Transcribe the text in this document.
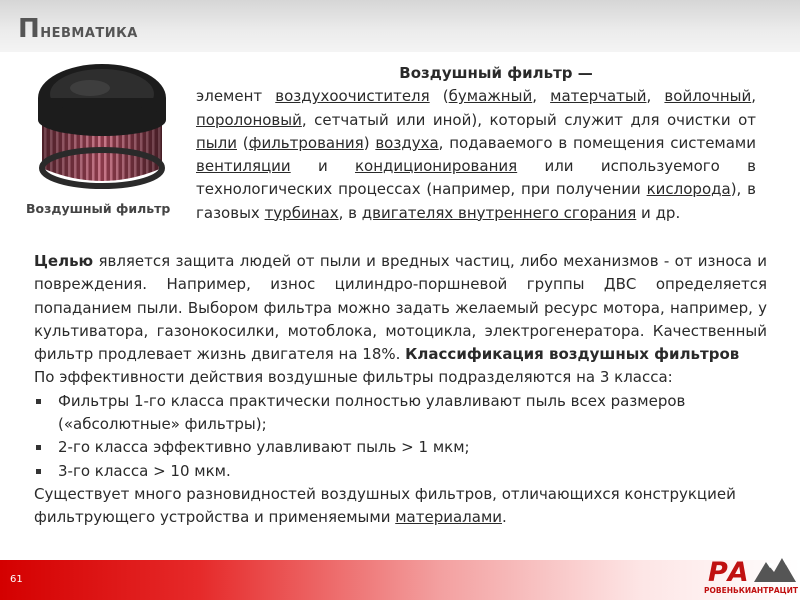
Пневматика
Воздушный фильтр
Воздушный фильтр —
элемент воздухоочистителя (бумажный, матерчатый, войлочный, поролоновый, сетчатый или иной), который служит для очистки от пыли (фильтрования) воздуха, подаваемого в помещения системами вентиляции и кондиционирования или используемого в технологических процессах (например, при получении кислорода), в газовых турбинах, в двигателях внутреннего сгорания и др.

Целью является защита людей от пыли и вредных частиц, либо механизмов - от износа и повреждения. Например, износ цилиндро-поршневой группы ДВС определяется попаданием пыли. Выбором фильтра можно задать желаемый ресурс мотора, например, у культиватора, газонокосилки, мотоблока, мотоцикла, электрогенератора. Качественный фильтр продлевает жизнь двигателя на 18%. Классификация воздушных фильтров

По эффективности действия воздушные фильтры подразделяются на 3 класса:

Фильтры 1-го класса практически полностью улавливают пыль всех размеров («абсолютные» фильтры);
2-го класса эффективно улавливают пыль > 1 мкм;
3-го класса > 10 мкм.

Существует много разновидностей воздушных фильтров, отличающихся конструкцией фильтрующего устройства и применяемыми материалами.

61	РА
РОВЕНЬКИАНТРАЦИТ
